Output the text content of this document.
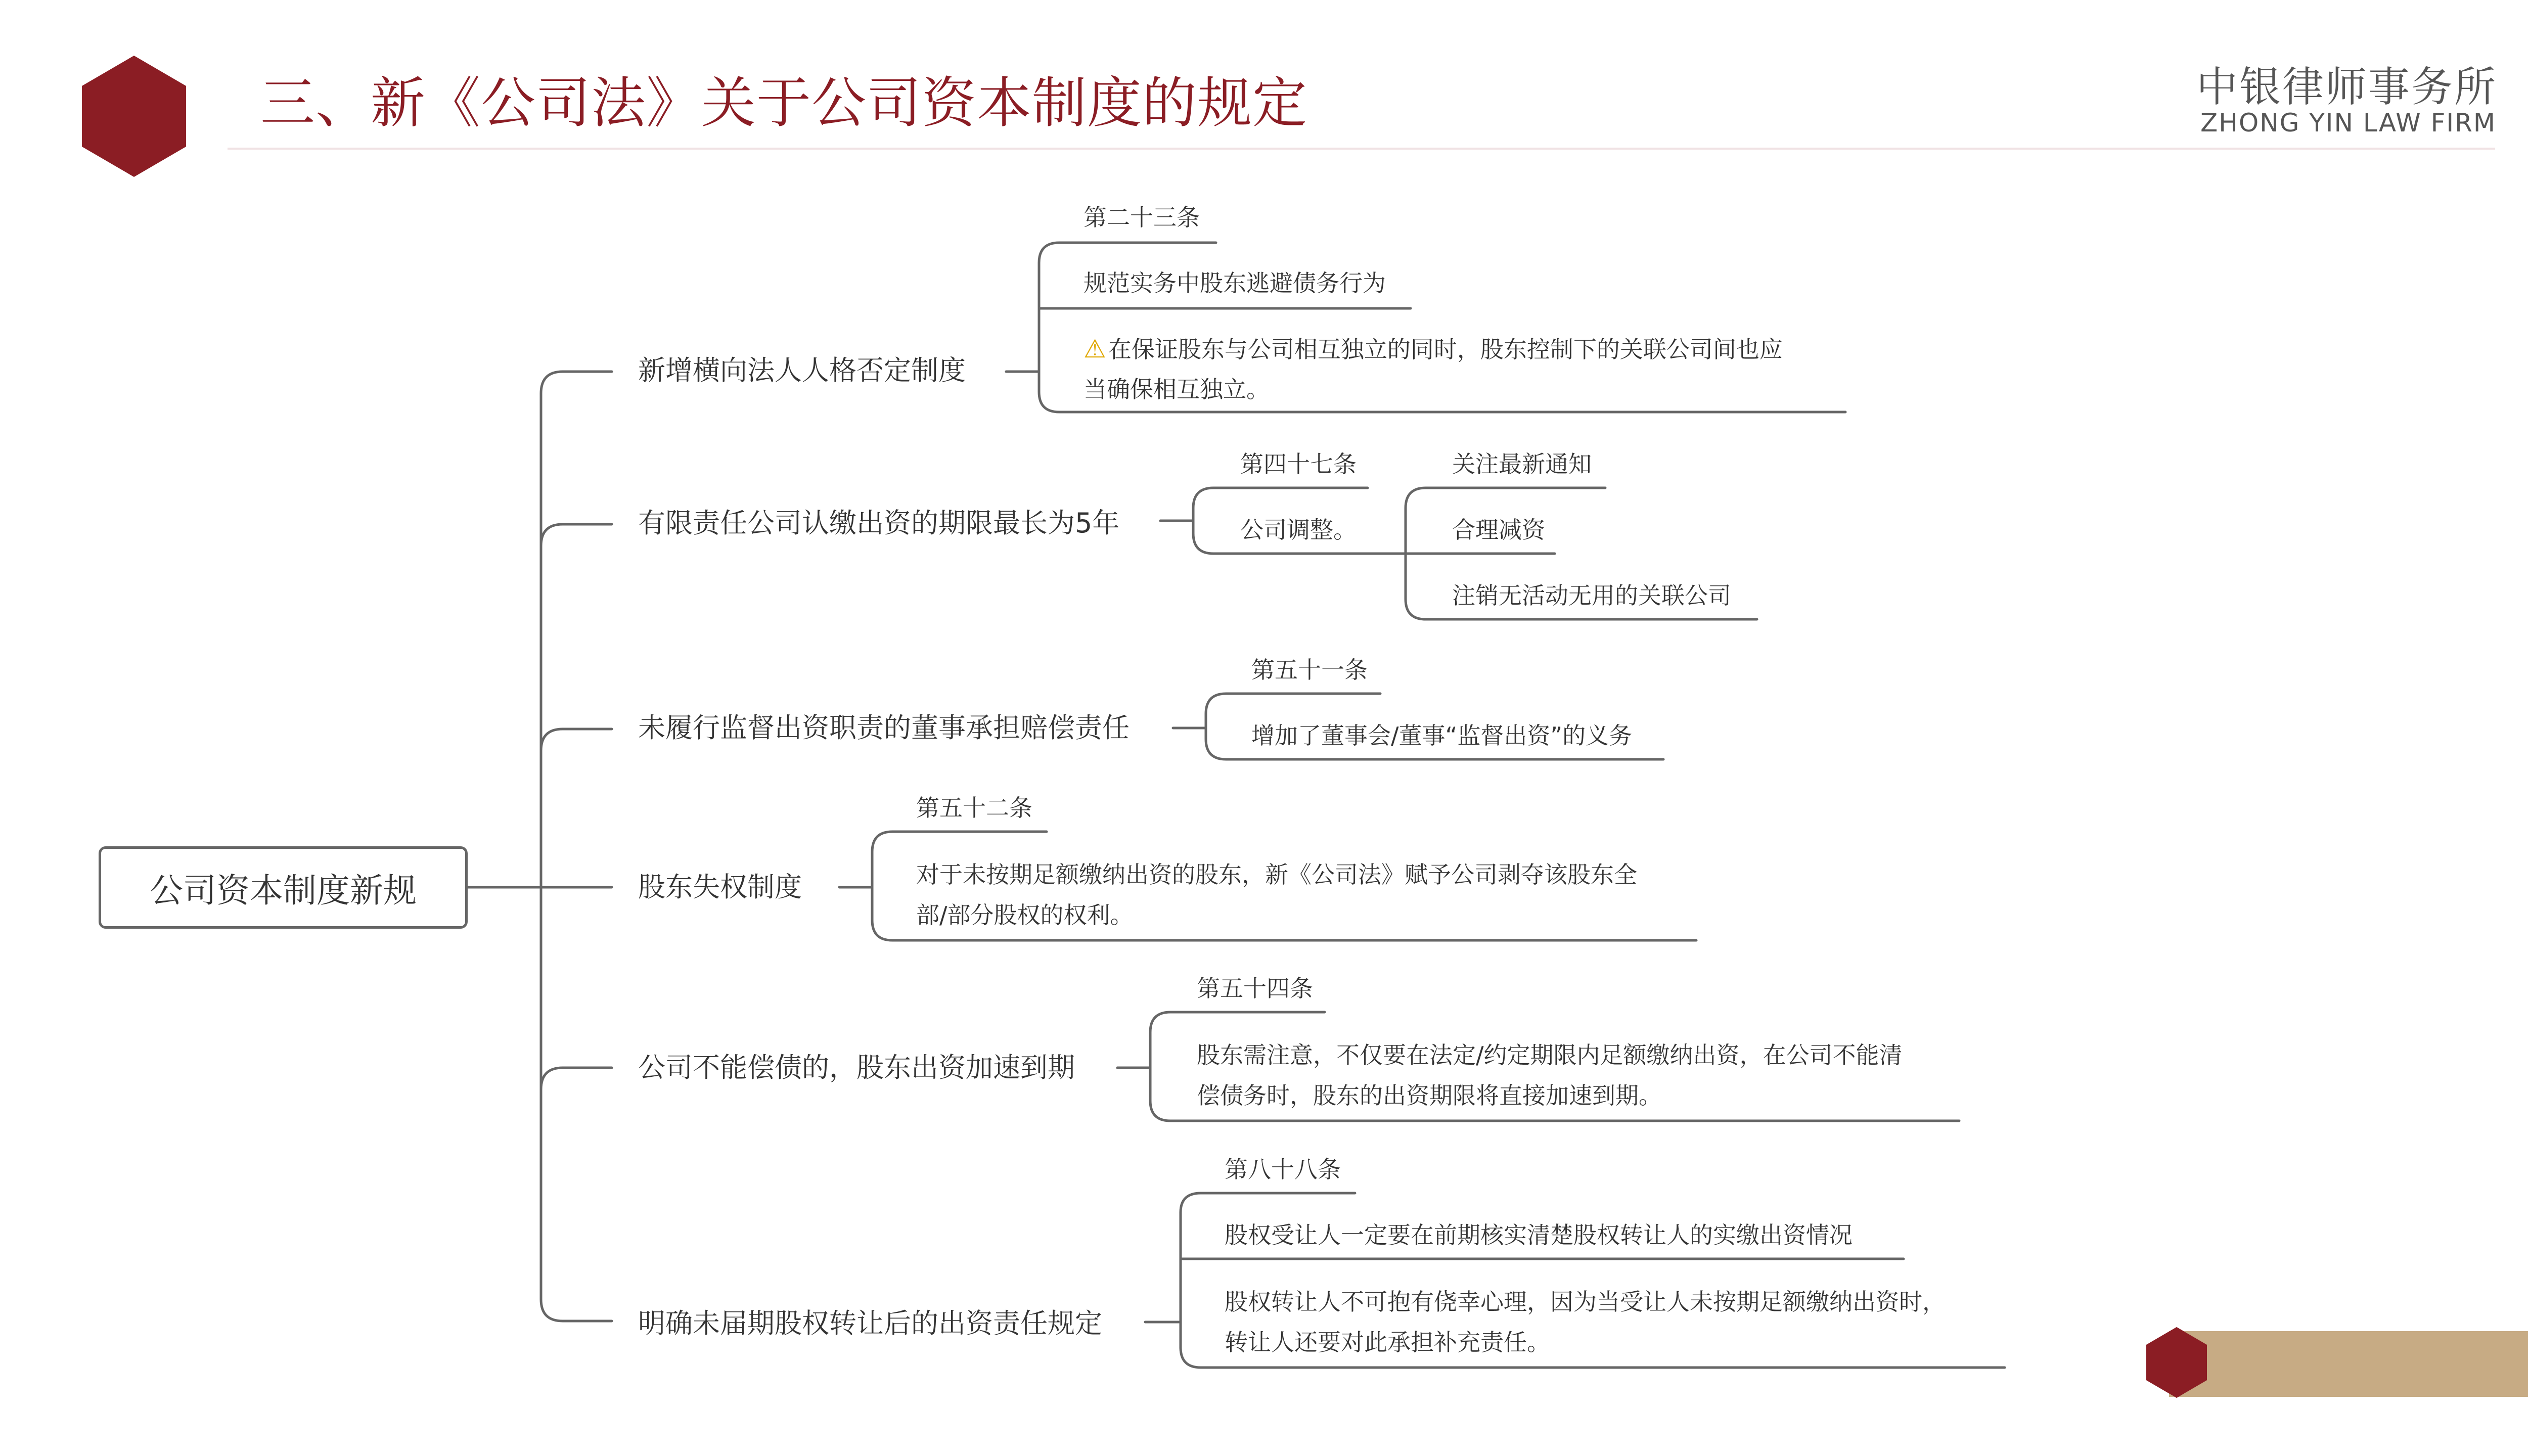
三、新《公司法》关于公司资本制度的规定	中银律师事务所
ZHONG YIN LAW FIRM
公司资本制度新规
新增横向法人人格否定制度
第二十三条
规范实务中股东逃避债务行为
⚠在保证股东与公司相互独立的同时，股东控制下的关联公司间也应
当确保相互独立。
有限责任公司认缴出资的期限最长为5年
第四十七条
公司调整。
关注最新通知
合理减资
注销无活动无用的关联公司
未履行监督出资职责的董事承担赔偿责任
第五十一条
增加了董事会/董事“监督出资”的义务
股东失权制度
第五十二条
对于未按期足额缴纳出资的股东，新《公司法》赋予公司剥夺该股东全
部/部分股权的权利。
公司不能偿债的，股东出资加速到期
第五十四条
股东需注意，不仅要在法定/约定期限内足额缴纳出资，在公司不能清
偿债务时，股东的出资期限将直接加速到期。
明确未届期股权转让后的出资责任规定
第八十八条
股权受让人一定要在前期核实清楚股权转让人的实缴出资情况
股权转让人不可抱有侥幸心理，因为当受让人未按期足额缴纳出资时，
转让人还要对此承担补充责任。
